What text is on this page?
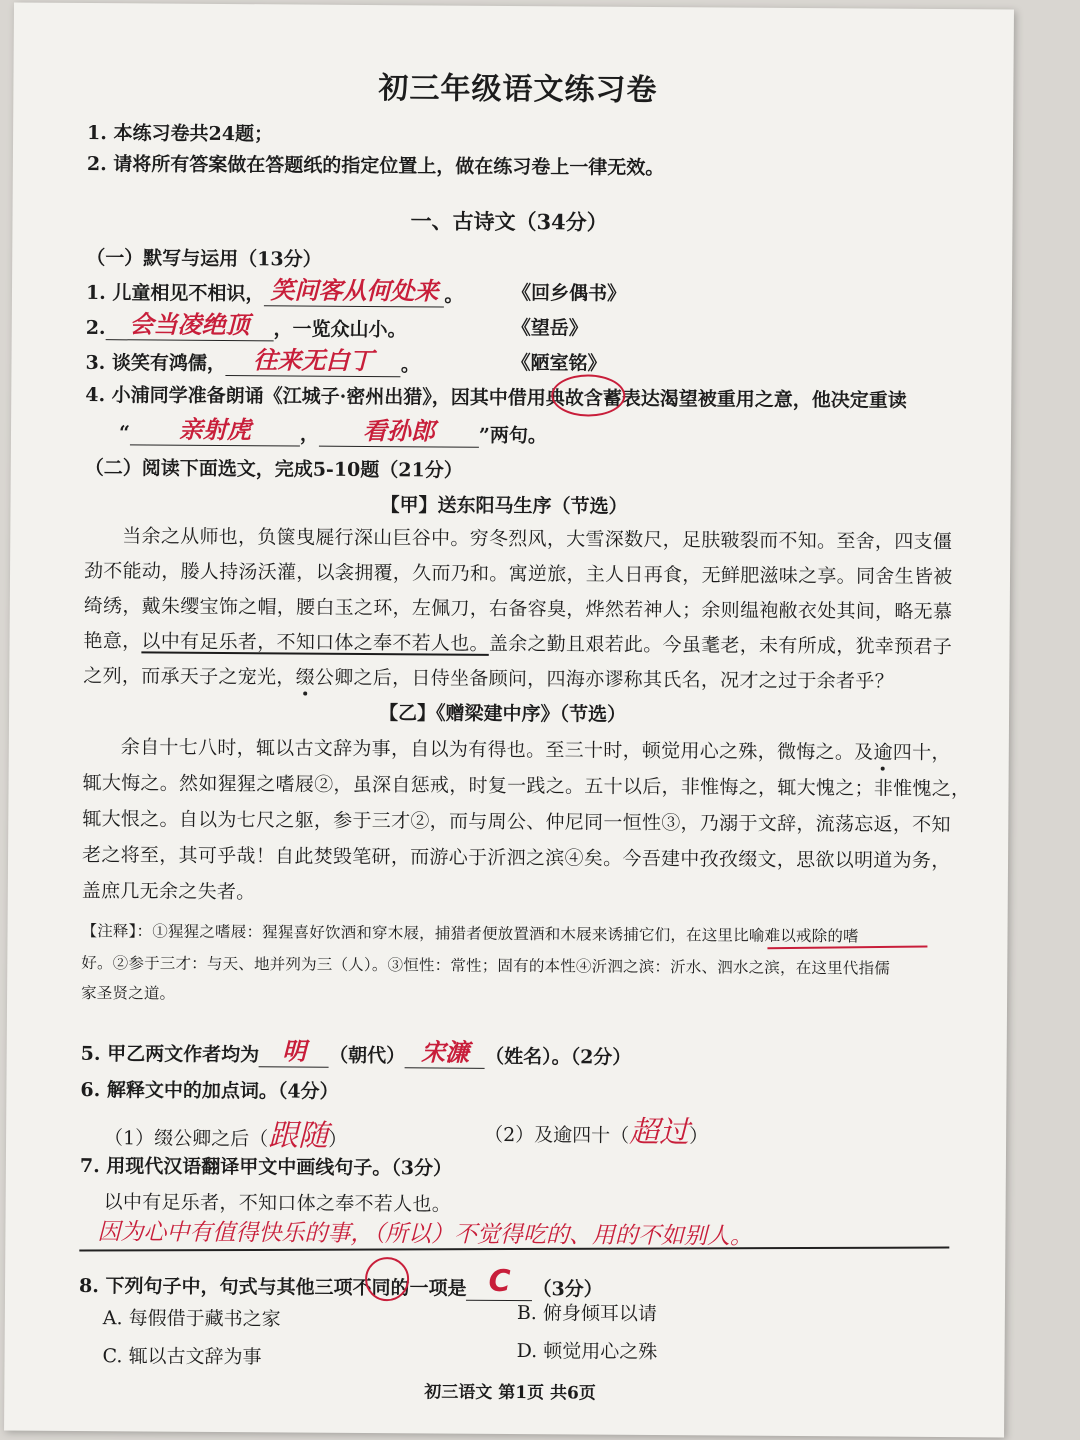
初三年级语文练习卷
1. 本练习卷共24题；
2. 请将所有答案做在答题纸的指定位置上，做在练习卷上一律无效。
一、古诗文（34分）
（一）默写与运用（13分）
1. 儿童相见不相识， 笑问客从何处来 。	《回乡偶书》
2. 会当凌绝顶 ，一览众山小。	《望岳》
3. 谈笑有鸿儒， 往来无白丁 。	《陋室铭》
4. 小浦同学准备朗诵《江城子·密州出猎》，因其中借用典故含蓄表达渴望被重用之意，他决定重读
“ 亲射虎	， 看孙郎 ”两句。
（二）阅读下面选文，完成5-10题（21分）
【甲】送东阳马生序（节选）
当余之从师也，负箧曳屣行深山巨谷中。穷冬烈风，大雪深数尺，足肤皲裂而不知。至舍，四支僵
劲不能动，媵人持汤沃灌，以衾拥覆，久而乃和。寓逆旅，主人日再食，无鲜肥滋味之享。同舍生皆被
绮绣，戴朱缨宝饰之帽，腰白玉之环，左佩刀，右备容臭，烨然若神人；余则缊袍敝衣处其间，略无慕
艳意，以中有足乐者，不知口体之奉不若人也。盖余之勤且艰若此。今虽耄老，未有所成，犹幸预君子
之列，而承天子之宠光，缀公卿之后，日侍坐备顾问，四海亦谬称其氏名，况才之过于余者乎？
【乙】《赠梁建中序》（节选）
余自十七八时，辄以古文辞为事，自以为有得也。至三十时，顿觉用心之殊，微悔之。及逾四十，
辄大悔之。然如猩猩之嗜屐②，虽深自惩戒，时复一践之。五十以后，非惟悔之，辄大愧之；非惟愧之，
辄大恨之。自以为七尺之躯，参于三才②，而与周公、仲尼同一恒性③，乃溺于文辞，流荡忘返，不知
老之将至，其可乎哉！自此焚毁笔研，而游心于沂泗之滨④矣。今吾建中孜孜缀文，思欲以明道为务，
盖庶几无余之失者。
【注释】：①猩猩之嗜屐：猩猩喜好饮酒和穿木屐，捕猎者便放置酒和木屐来诱捕它们，在这里比喻难以戒除的嗜
好。②参于三才：与天、地并列为三（人）。③恒性：常性；固有的本性④沂泗之滨：沂水、泗水之滨，在这里代指儒
家圣贤之道。
5. 甲乙两文作者均为 明 （朝代） 宋濂 （姓名）。（2分）
6. 解释文中的加点词。（4分）
（1）缀公卿之后（跟随）	（2）及逾四十（超过）
7. 用现代汉语翻译甲文中画线句子。（3分）
以中有足乐者，不知口体之奉不若人也。
因为心中有值得快乐的事，（所以）不觉得吃的、用的不如别人。
8. 下列句子中，句式与其他三项不同的一项是 C （3分）
A. 每假借于藏书之家	B. 俯身倾耳以请
C. 辄以古文辞为事	D. 顿觉用心之殊
初三语文 第1页 共6页
